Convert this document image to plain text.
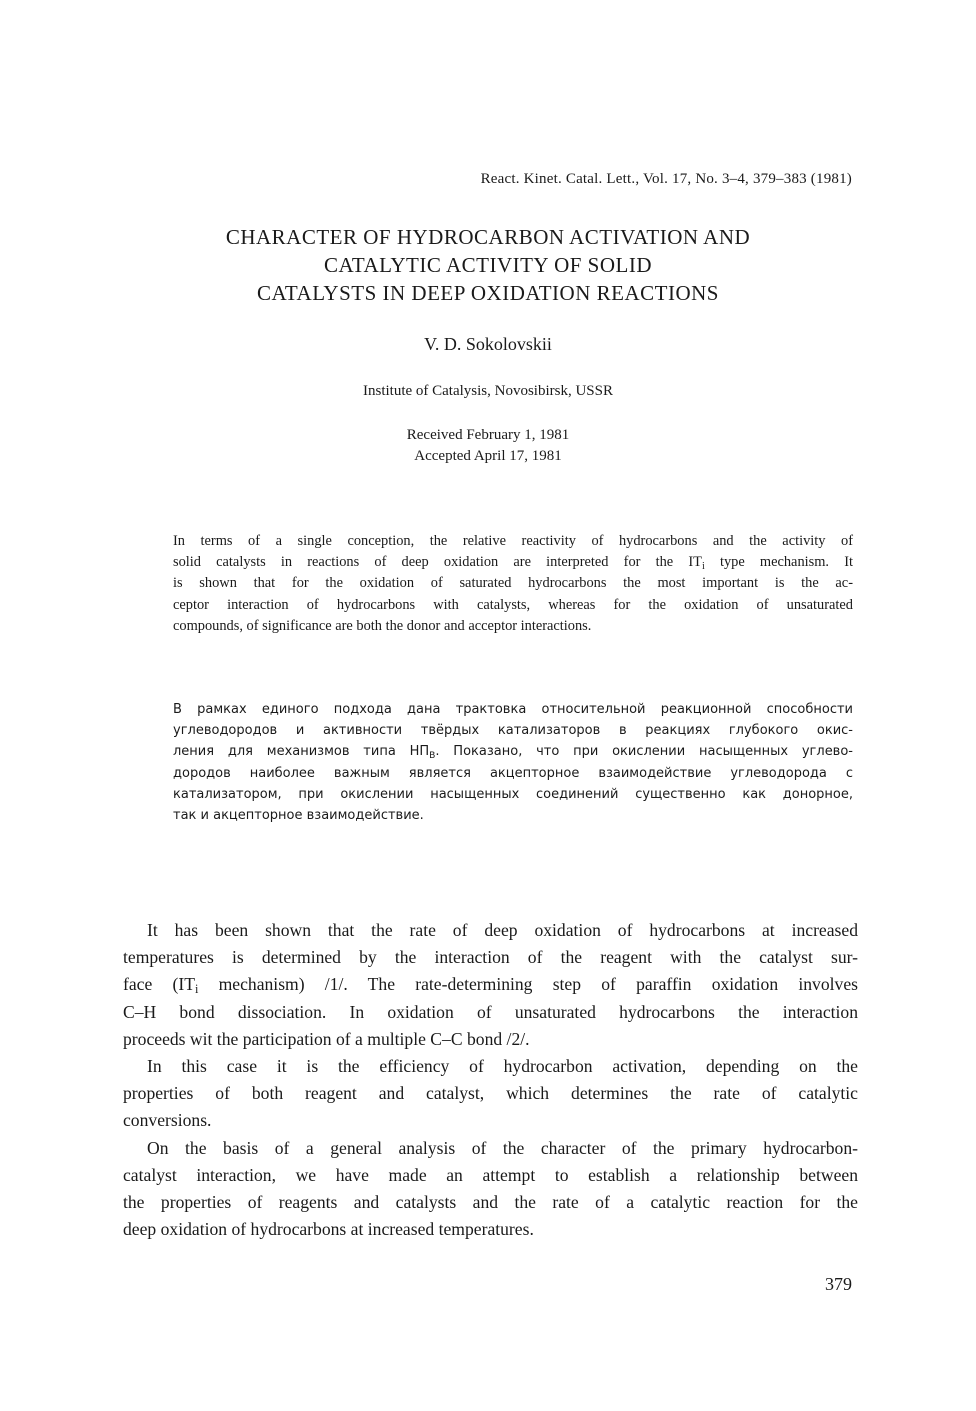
React. Kinet. Catal. Lett., Vol. 17, No. 3–4, 379–383 (1981)
CHARACTER OF HYDROCARBON ACTIVATION AND
CATALYTIC ACTIVITY OF SOLID
CATALYSTS IN DEEP OXIDATION REACTIONS
V. D. Sokolovskii
Institute of Catalysis, Novosibirsk, USSR
Received February 1, 1981
Accepted April 17, 1981
In terms of a single conception, the relative reactivity of hydrocarbons and the activity of
solid catalysts in reactions of deep oxidation are interpreted for the $IT_i$ type mechanism. It
is shown that for the oxidation of saturated hydrocarbons the most important is the ac-
ceptor interaction of hydrocarbons with catalysts, whereas for the oxidation of unsaturated
compounds, of significance are both the donor and acceptor interactions.
В рамках единого подхода дана трактовка относительной реакционной способности
углеводородов и активности твёрдых катализаторов в реакциях глубокого окис-
ления для механизмов типа $НП_В$. Показано, что при окислении насыщенных углево-
дородов наиболее важным является акцепторное взаимодействие углеводорода с
катализатором, при окислении насыщенных соединений существенно как донорное,
так и акцепторное взаимодействие.
It has been shown that the rate of deep oxidation of hydrocarbons at increased
temperatures is determined by the interaction of the reagent with the catalyst sur-
face ($IT_i$ mechanism) /1/. The rate-determining step of paraffin oxidation involves
C–H bond dissociation. In oxidation of unsaturated hydrocarbons the interaction
proceeds wit the participation of a multiple C–C bond /2/.
In this case it is the efficiency of hydrocarbon activation, depending on the
properties of both reagent and catalyst, which determines the rate of catalytic
conversions.
On the basis of a general analysis of the character of the primary hydrocarbon-
catalyst interaction, we have made an attempt to establish a relationship between
the properties of reagents and catalysts and the rate of a catalytic reaction for the
deep oxidation of hydrocarbons at increased temperatures.
379
